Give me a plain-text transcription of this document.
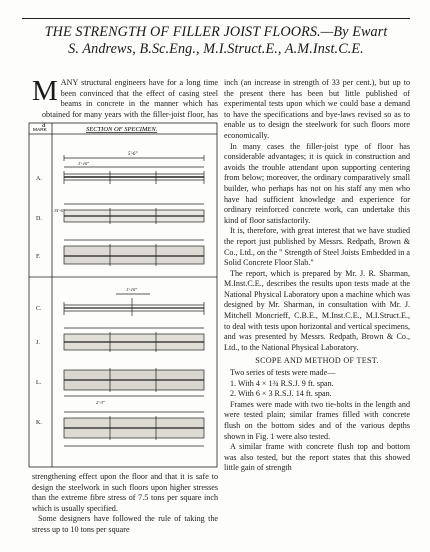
THE STRENGTH OF FILLER JOIST FLOORS.—By Ewart
S. Andrews, B.Sc.Eng., M.I.Struct.E., A.M.Inst.C.E.

MANY structural engineers have for a long time been convinced that the effect of casing steel beams in concrete in the manner which has obtained for many years with the filler-joist floor, has a

MARK	SECTION OF SPECIMEN.
A.
D.
F.
C.
J.
L.
K.
5'-6"
1'-10"
15'-6"
1'-10"
2'-3"

strengthening effect upon the floor and that it is safe to design the steelwork in such floors upon higher stresses than the extreme fibre stress of 7.5 tons per square inch which is usually specified.

Some designers have followed the rule of taking the stress up to 10 tons per square

inch (an increase in strength of 33 per cent.), but up to the present there has been but little published of experimental tests upon which we could base a demand to have the specifications and bye-laws revised so as to enable us to design the steelwork for such floors more economically.

In many cases the filler-joist type of floor has considerable advantages; it is quick in construction and avoids the trouble attendant upon supporting centering from below; moreover, the ordinary comparatively small builder, who perhaps has not on his staff any men who have had sufficient knowledge and experience for ordinary reinforced concrete work, can undertake this kind of floor satisfactorily.

It is, therefore, with great interest that we have studied the report just published by Messrs. Redpath, Brown & Co., Ltd., on the " Strength of Steel Joists Embedded in a Solid Concrete Floor Slab."

The report, which is prepared by Mr. J. R. Sharman, M.Inst.C.E., describes the results upon tests made at the National Physical Laboratory upon a machine which was designed by Mr. Sharman, in consultation with Mr. J. Mitchell Moncrieff, C.B.E., M.Inst.C.E., M.I.Struct.E., to deal with tests upon horizontal and vertical specimens, and was presented by Messrs. Redpath, Brown & Co., Ltd., to the National Physical Laboratory.

SCOPE AND METHOD OF TEST.

Two series of tests were made—

1. With 4 × 1¾ R.S.J. 9 ft. span.

2. With 6 × 3 R.S.J. 14 ft. span.

Frames were made with two tie-bolts in the length and were tested plain; similar frames filled with concrete flush on the bottom sides and of the various depths shown in Fig. 1 were also tested.

A similar frame with concrete flush top and bottom was also tested, but the report states that this showed little gain of strength
